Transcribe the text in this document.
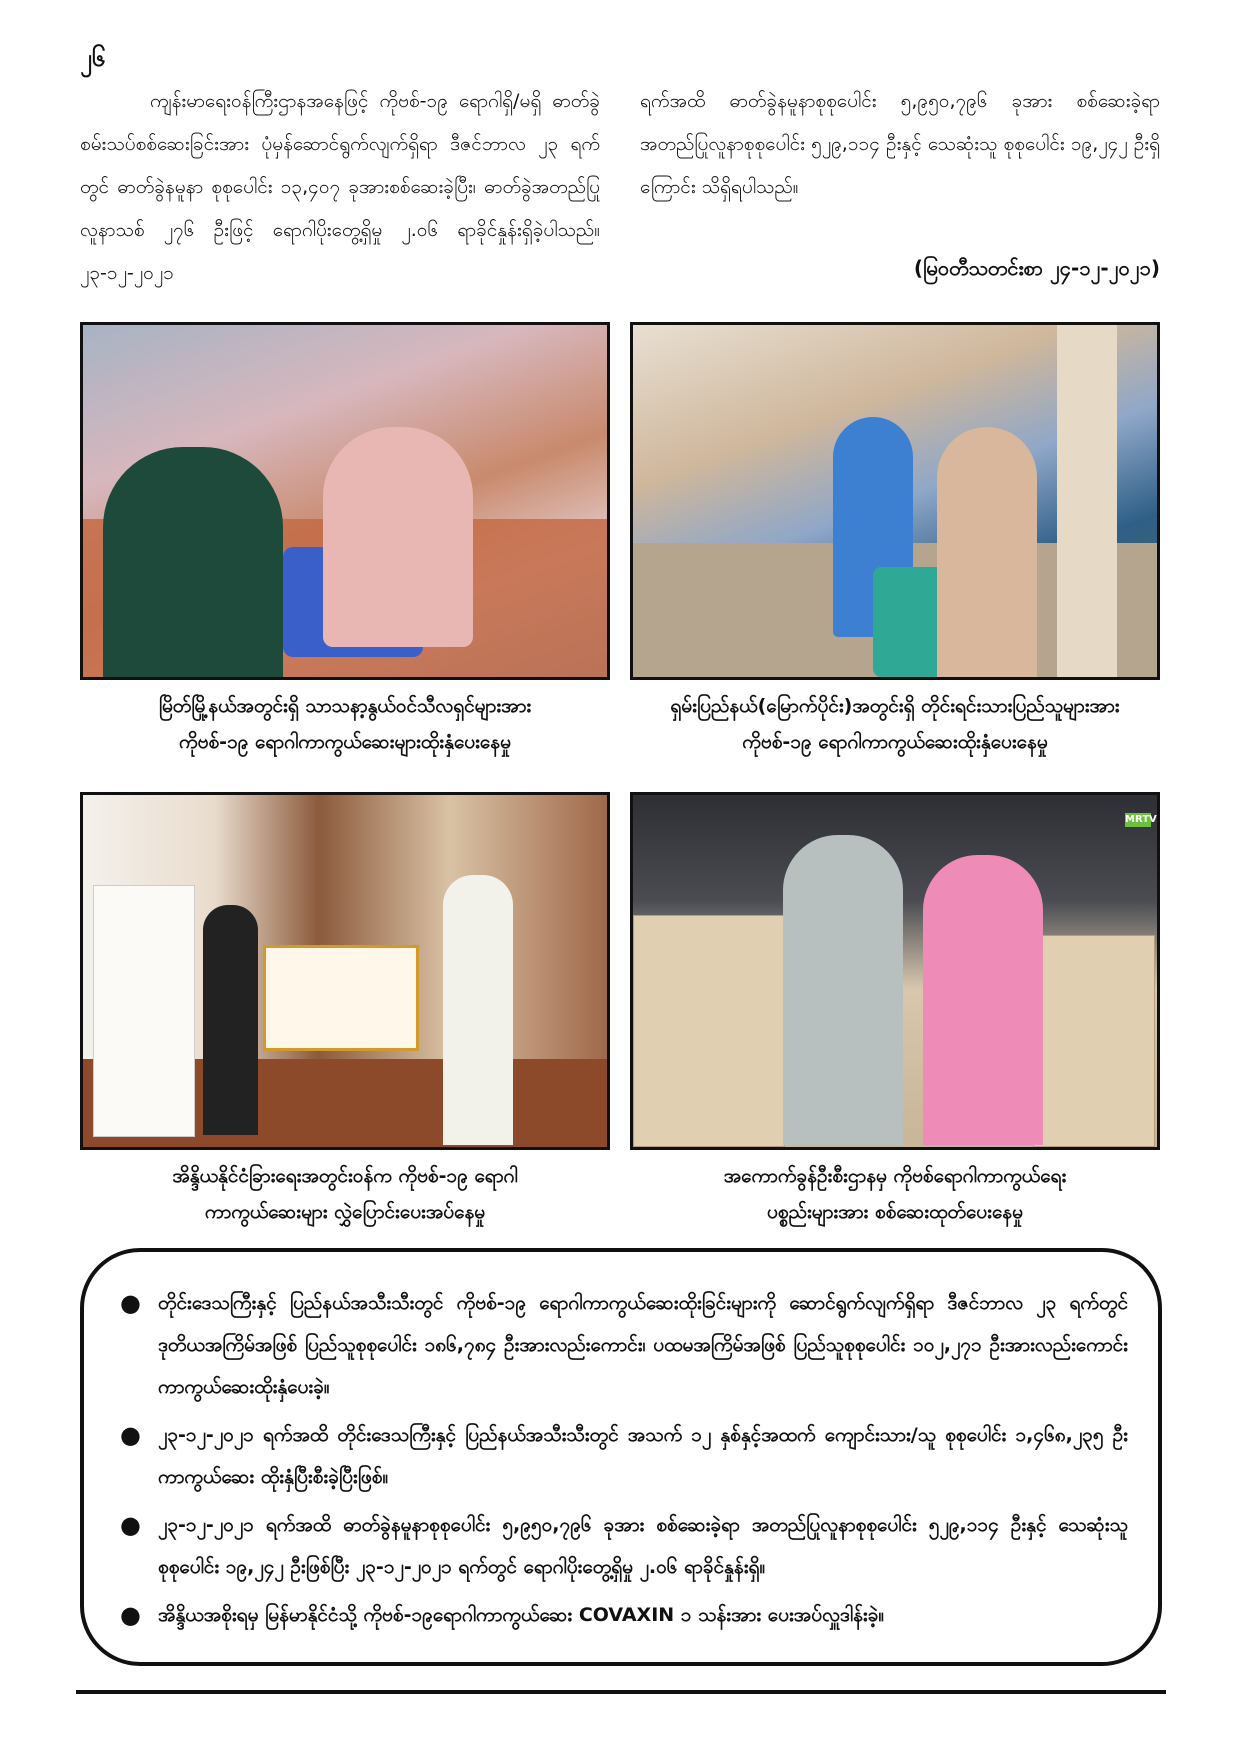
၂၆
ကျန်းမာရေးဝန်ကြီးဌာနအနေဖြင့် ကိုဗစ်-၁၉ ရောဂါရှိ/မရှိ ဓာတ်ခွဲစမ်းသပ်စစ်ဆေးခြင်းအား ပုံမှန်ဆောင်ရွက်လျက်ရှိရာ ဒီဇင်ဘာလ ၂၃ ရက်တွင် ဓာတ်ခွဲနမူနာ စုစုပေါင်း ၁၃,၄၀၇ ခုအားစစ်ဆေးခဲ့ပြီး၊ ဓာတ်ခွဲအတည်ပြုလူနာသစ် ၂၇၆ ဦးဖြင့် ရောဂါပိုးတွေ့ရှိမှု ၂.၀၆ ရာခိုင်နှုန်းရှိခဲ့ပါသည်။ ၂၃-၁၂-၂၀၂၁
ရက်အထိ ဓာတ်ခွဲနမူနာစုစုပေါင်း ၅,၉၅၀,၇၉၆ ခုအား စစ်ဆေးခဲ့ရာ အတည်ပြုလူနာစုစုပေါင်း ၅၂၉,၁၁၄ ဦးနှင့် သေဆုံးသူ စုစုပေါင်း ၁၉,၂၄၂ ဦးရှိကြောင်း သိရှိရပါသည်။
(မြဝတီသတင်းစာ ၂၄-၁၂-၂၀၂၁)
မြိတ်မြို့နယ်အတွင်းရှိ သာသနာ့နွယ်ဝင်သီလရှင်များအား
ကိုဗစ်-၁၉ ရောဂါကာကွယ်ဆေးများထိုးနှံပေးနေမှု
ရှမ်းပြည်နယ်(မြောက်ပိုင်း)အတွင်းရှိ တိုင်းရင်းသားပြည်သူများအား
ကိုဗစ်-၁၉ ရောဂါကာကွယ်ဆေးထိုးနှံပေးနေမှု
အိန္ဒိယနိုင်ငံခြားရေးအတွင်းဝန်က ကိုဗစ်-၁၉ ရောဂါ
ကာကွယ်ဆေးများ လွှဲပြောင်းပေးအပ်နေမှု
MRTV
အကောက်ခွန်ဦးစီးဌာနမှ ကိုဗစ်ရောဂါကာကွယ်ရေး
ပစ္စည်းများအား စစ်ဆေးထုတ်ပေးနေမှု
● တိုင်းဒေသကြီးနှင့် ပြည်နယ်အသီးသီးတွင် ကိုဗစ်-၁၉ ရောဂါကာကွယ်ဆေးထိုးခြင်းများကို ဆောင်ရွက်လျက်ရှိရာ ဒီဇင်ဘာလ ၂၃ ရက်တွင် ဒုတိယအကြိမ်အဖြစ် ပြည်သူစုစုပေါင်း ၁၈၆,၇၈၄ ဦးအားလည်းကောင်း၊ ပထမအကြိမ်အဖြစ် ပြည်သူစုစုပေါင်း ၁၀၂,၂၇၁ ဦးအားလည်းကောင်း ကာကွယ်ဆေးထိုးနှံပေးခဲ့။
● ၂၃-၁၂-၂၀၂၁ ရက်အထိ တိုင်းဒေသကြီးနှင့် ပြည်နယ်အသီးသီးတွင် အသက် ၁၂ နှစ်နှင့်အထက် ကျောင်းသား/သူ စုစုပေါင်း ၁,၄၆၈,၂၃၅ ဦး ကာကွယ်ဆေး ထိုးနှံပြီးစီးခဲ့ပြီးဖြစ်။
● ၂၃-၁၂-၂၀၂၁ ရက်အထိ ဓာတ်ခွဲနမူနာစုစုပေါင်း ၅,၉၅၀,၇၉၆ ခုအား စစ်ဆေးခဲ့ရာ အတည်ပြုလူနာစုစုပေါင်း ၅၂၉,၁၁၄ ဦးနှင့် သေဆုံးသူစုစုပေါင်း ၁၉,၂၄၂ ဦးဖြစ်ပြီး ၂၃-၁၂-၂၀၂၁ ရက်တွင် ရောဂါပိုးတွေ့ရှိမှု ၂.၀၆ ရာခိုင်နှုန်းရှိ။
● အိန္ဒိယအစိုးရမှ မြန်မာနိုင်ငံသို့ ကိုဗစ်-၁၉ရောဂါကာကွယ်ဆေး COVAXIN ၁ သန်းအား ပေးအပ်လှူဒါန်းခဲ့။
